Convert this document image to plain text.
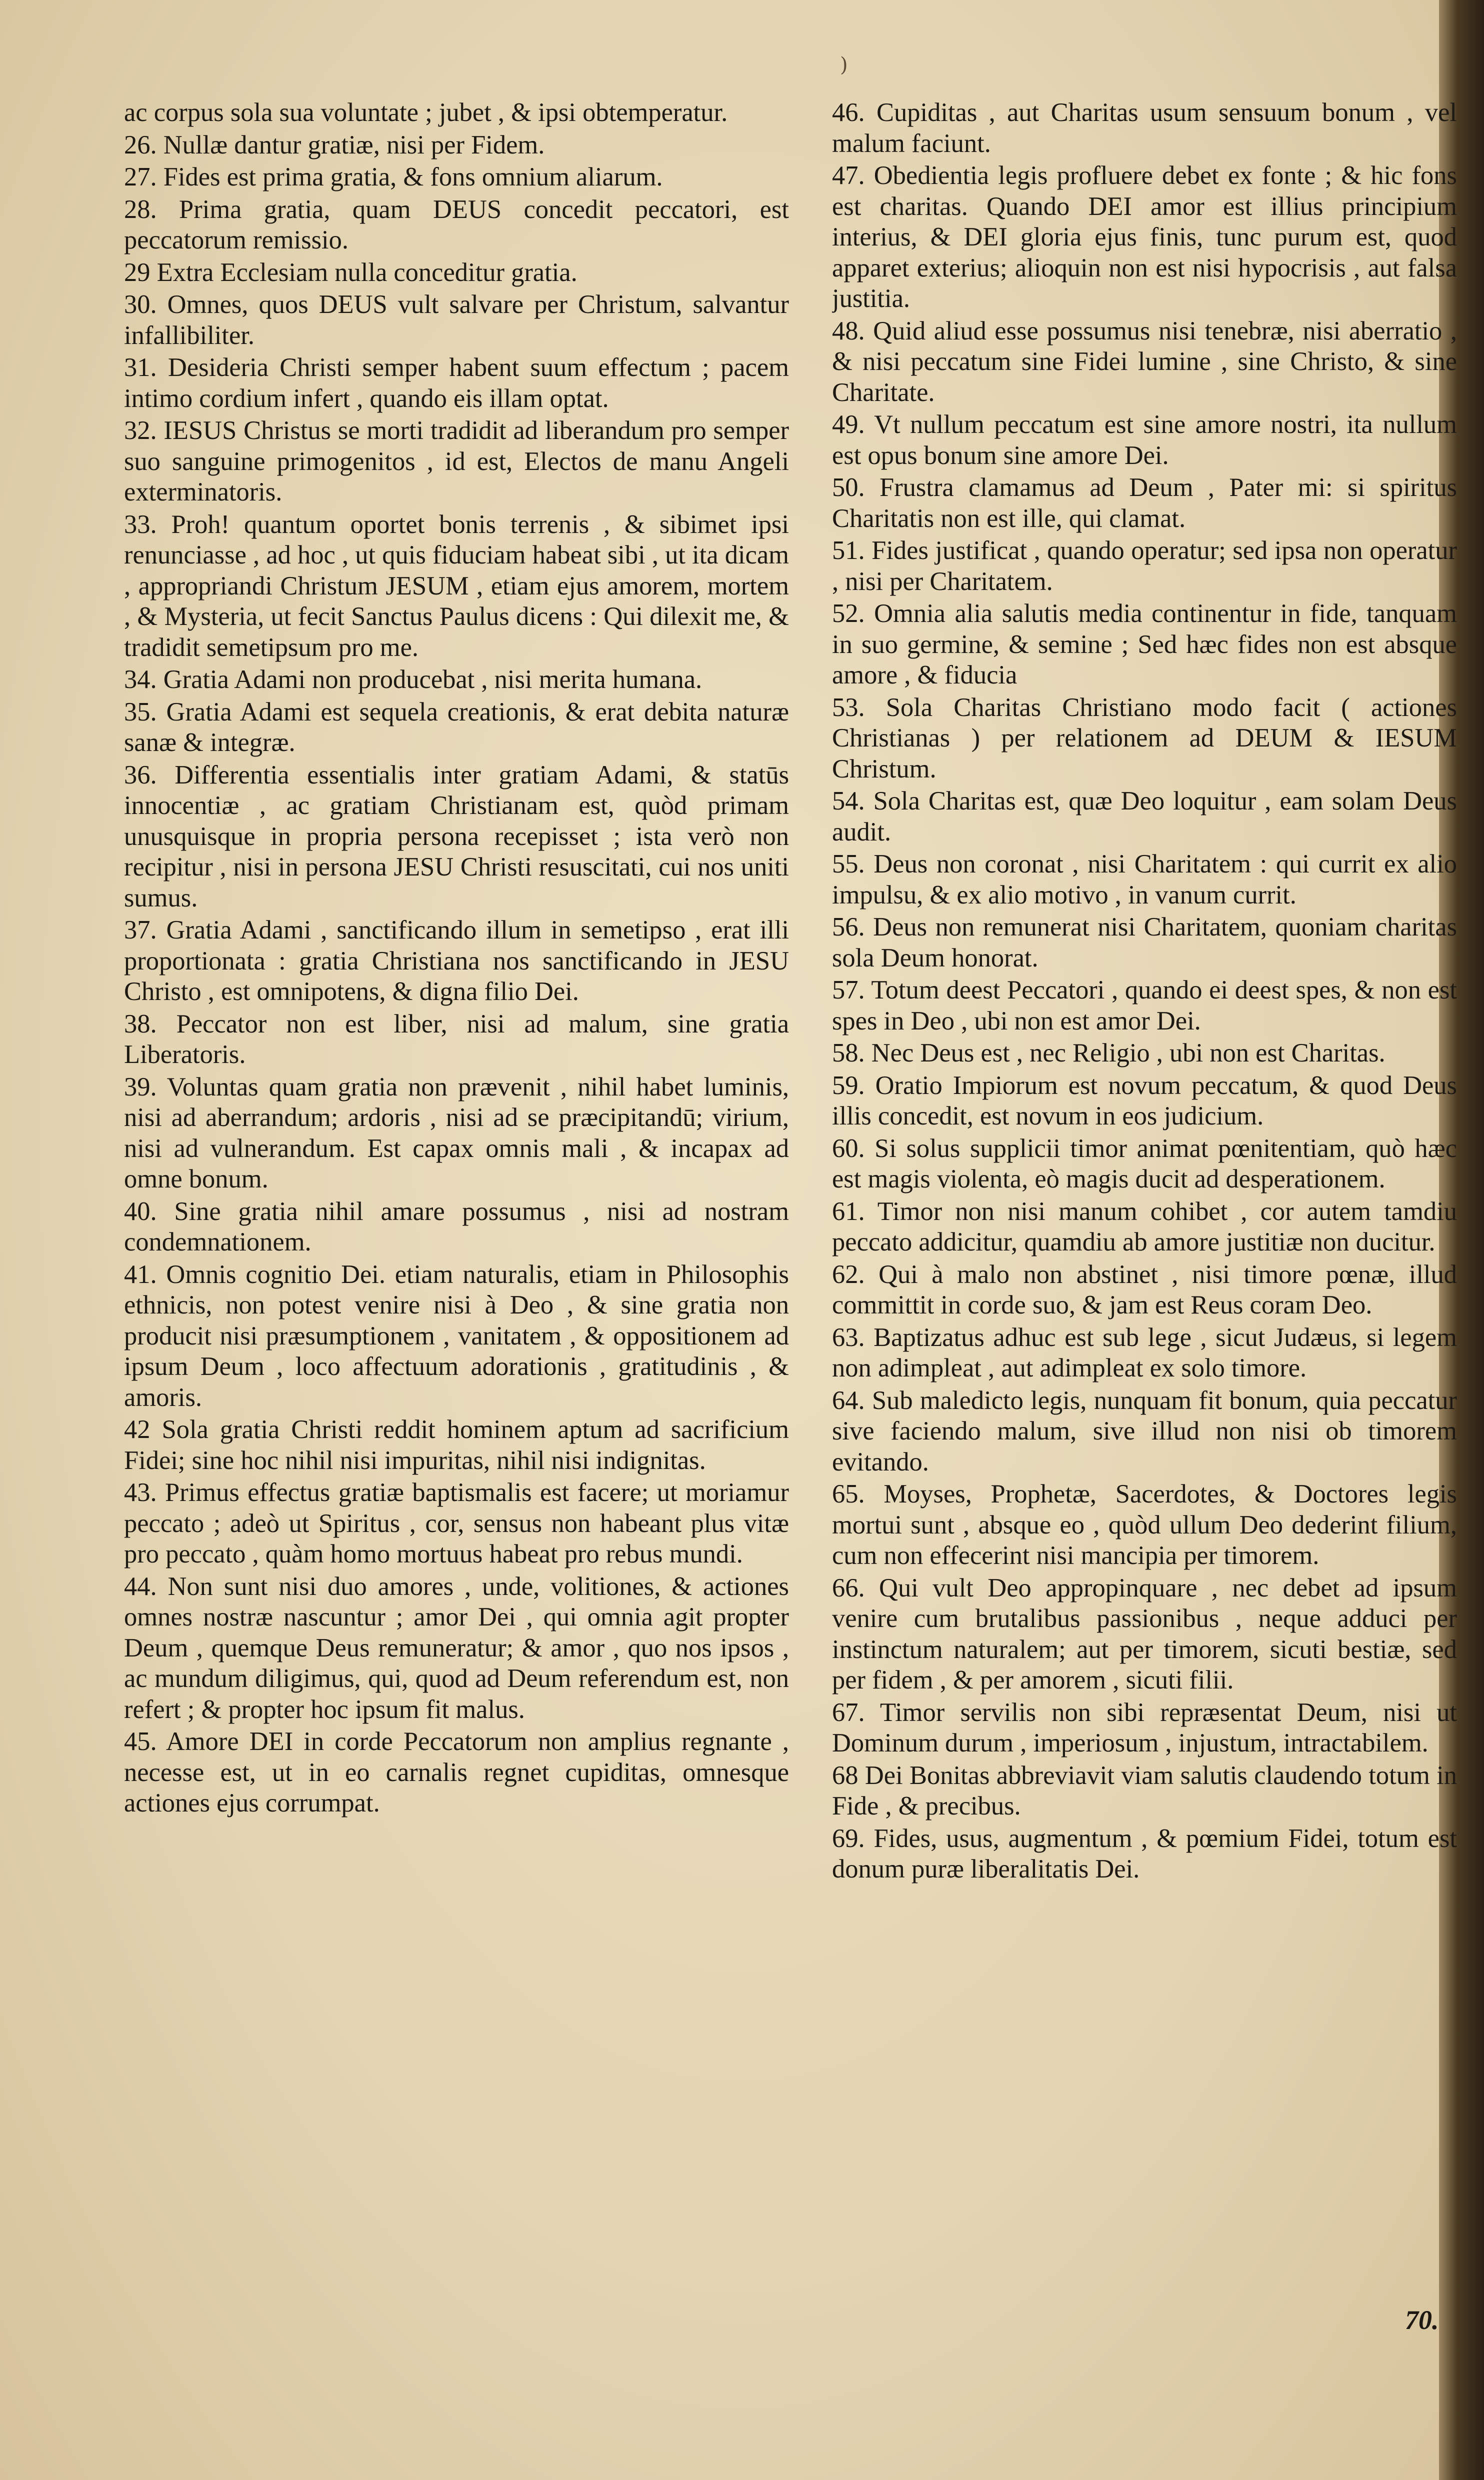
)

ac corpus sola sua voluntate ; jubet , & ipsi obtemperatur.

26. Nullæ dantur gratiæ, nisi per Fidem.

27. Fides est prima gratia, & fons omnium aliarum.

28. Prima gratia, quam DEUS concedit peccatori, est peccatorum remissio.

29 Extra Ecclesiam nulla conceditur gratia.

30. Omnes, quos DEUS vult salvare per Christum, salvantur infallibiliter.

31. Desideria Christi semper habent suum effectum ; pacem intimo cordium infert , quando eis illam optat.

32. IESUS Christus se morti tradidit ad liberandum pro semper suo sanguine primogenitos , id est, Electos de manu Angeli exterminatoris.

33. Proh! quantum oportet bonis terrenis , & sibimet ipsi renunciasse , ad hoc , ut quis fiduciam habeat sibi , ut ita dicam , appropriandi Christum JESUM , etiam ejus amorem, mortem , & Mysteria, ut fecit Sanctus Paulus dicens : Qui dilexit me, & tradidit semetipsum pro me.

34. Gratia Adami non producebat , nisi merita humana.

35. Gratia Adami est sequela creationis, & erat debita naturæ sanæ & integræ.

36. Differentia essentialis inter gratiam Adami, & statūs innocentiæ , ac gratiam Christianam est, quòd primam unusquisque in propria persona recepisset ; ista verò non recipitur , nisi in persona JESU Christi resuscitati, cui nos uniti sumus.

37. Gratia Adami , sanctificando illum in semetipso , erat illi proportionata : gratia Christiana nos sanctificando in JESU Christo , est omnipotens, & digna filio Dei.

38. Peccator non est liber, nisi ad malum, sine gratia Liberatoris.

39. Voluntas quam gratia non prævenit , nihil habet luminis, nisi ad aberrandum; ardoris , nisi ad se præcipitandū; virium, nisi ad vulnerandum. Est capax omnis mali , & incapax ad omne bonum.

40. Sine gratia nihil amare possumus , nisi ad nostram condemnationem.

41. Omnis cognitio Dei. etiam naturalis, etiam in Philosophis ethnicis, non potest venire nisi à Deo , & sine gratia non producit nisi præsumptionem , vanitatem , & oppositionem ad ipsum Deum , loco affectuum adorationis , gratitudinis , & amoris.

42 Sola gratia Christi reddit hominem aptum ad sacrificium Fidei; sine hoc nihil nisi impuritas, nihil nisi indignitas.

43. Primus effectus gratiæ baptismalis est facere; ut moriamur peccato ; adeò ut Spiritus , cor, sensus non habeant plus vitæ pro peccato , quàm homo mortuus habeat pro rebus mundi.

44. Non sunt nisi duo amores , unde, volitiones, & actiones omnes nostræ nascuntur ; amor Dei , qui omnia agit propter Deum , quemque Deus remuneratur; & amor , quo nos ipsos , ac mundum diligimus, qui, quod ad Deum referendum est, non refert ; & propter hoc ipsum fit malus.

45. Amore DEI in corde Peccatorum non amplius regnante , necesse est, ut in eo carnalis regnet cupiditas, omnesque actiones ejus corrumpat.

46. Cupiditas , aut Charitas usum sensuum bonum , vel malum faciunt.

47. Obedientia legis profluere debet ex fonte ; & hic fons est charitas. Quando DEI amor est illius principium interius, & DEI gloria ejus finis, tunc purum est, quod apparet exterius; alioquin non est nisi hypocrisis , aut falsa justitia.

48. Quid aliud esse possumus nisi tenebræ, nisi aberratio , & nisi peccatum sine Fidei lumine , sine Christo, & sine Charitate.

49. Vt nullum peccatum est sine amore nostri, ita nullum est opus bonum sine amore Dei.

50. Frustra clamamus ad Deum , Pater mi: si spiritus Charitatis non est ille, qui clamat.

51. Fides justificat , quando operatur; sed ipsa non operatur , nisi per Charitatem.

52. Omnia alia salutis media continentur in fide, tanquam in suo germine, & semine ; Sed hæc fides non est absque amore , & fiducia

53. Sola Charitas Christiano modo facit ( actiones Christianas ) per relationem ad DEUM & IESUM Christum.

54. Sola Charitas est, quæ Deo loquitur , eam solam Deus audit.

55. Deus non coronat , nisi Charitatem : qui currit ex alio impulsu, & ex alio motivo , in vanum currit.

56. Deus non remunerat nisi Charitatem, quoniam charitas sola Deum honorat.

57. Totum deest Peccatori , quando ei deest spes, & non est spes in Deo , ubi non est amor Dei.

58. Nec Deus est , nec Religio , ubi non est Charitas.

59. Oratio Impiorum est novum peccatum, & quod Deus illis concedit, est novum in eos judicium.

60. Si solus supplicii timor animat pœnitentiam, quò hæc est magis violenta, eò magis ducit ad desperationem.

61. Timor non nisi manum cohibet , cor autem tamdiu peccato addicitur, quamdiu ab amore justitiæ non ducitur.

62. Qui à malo non abstinet , nisi timore pœnæ, illud committit in corde suo, & jam est Reus coram Deo.

63. Baptizatus adhuc est sub lege , sicut Judæus, si legem non adimpleat , aut adimpleat ex solo timore.

64. Sub maledicto legis, nunquam fit bonum, quia peccatur sive faciendo malum, sive illud non nisi ob timorem evitando.

65. Moyses, Prophetæ, Sacerdotes, & Doctores legis mortui sunt , absque eo , quòd ullum Deo dederint filium, cum non effecerint nisi mancipia per timorem.

66. Qui vult Deo appropinquare , nec debet ad ipsum venire cum brutalibus passionibus , neque adduci per instinctum naturalem; aut per timorem, sicuti bestiæ, sed per fidem , & per amorem , sicuti filii.

67. Timor servilis non sibi repræsentat Deum, nisi ut Dominum durum , imperiosum , injustum, intractabilem.

68 Dei Bonitas abbreviavit viam salutis claudendo totum in Fide , & precibus.

69. Fides, usus, augmentum , & pœmium Fidei, totum est donum puræ liberalitatis Dei.

70.
